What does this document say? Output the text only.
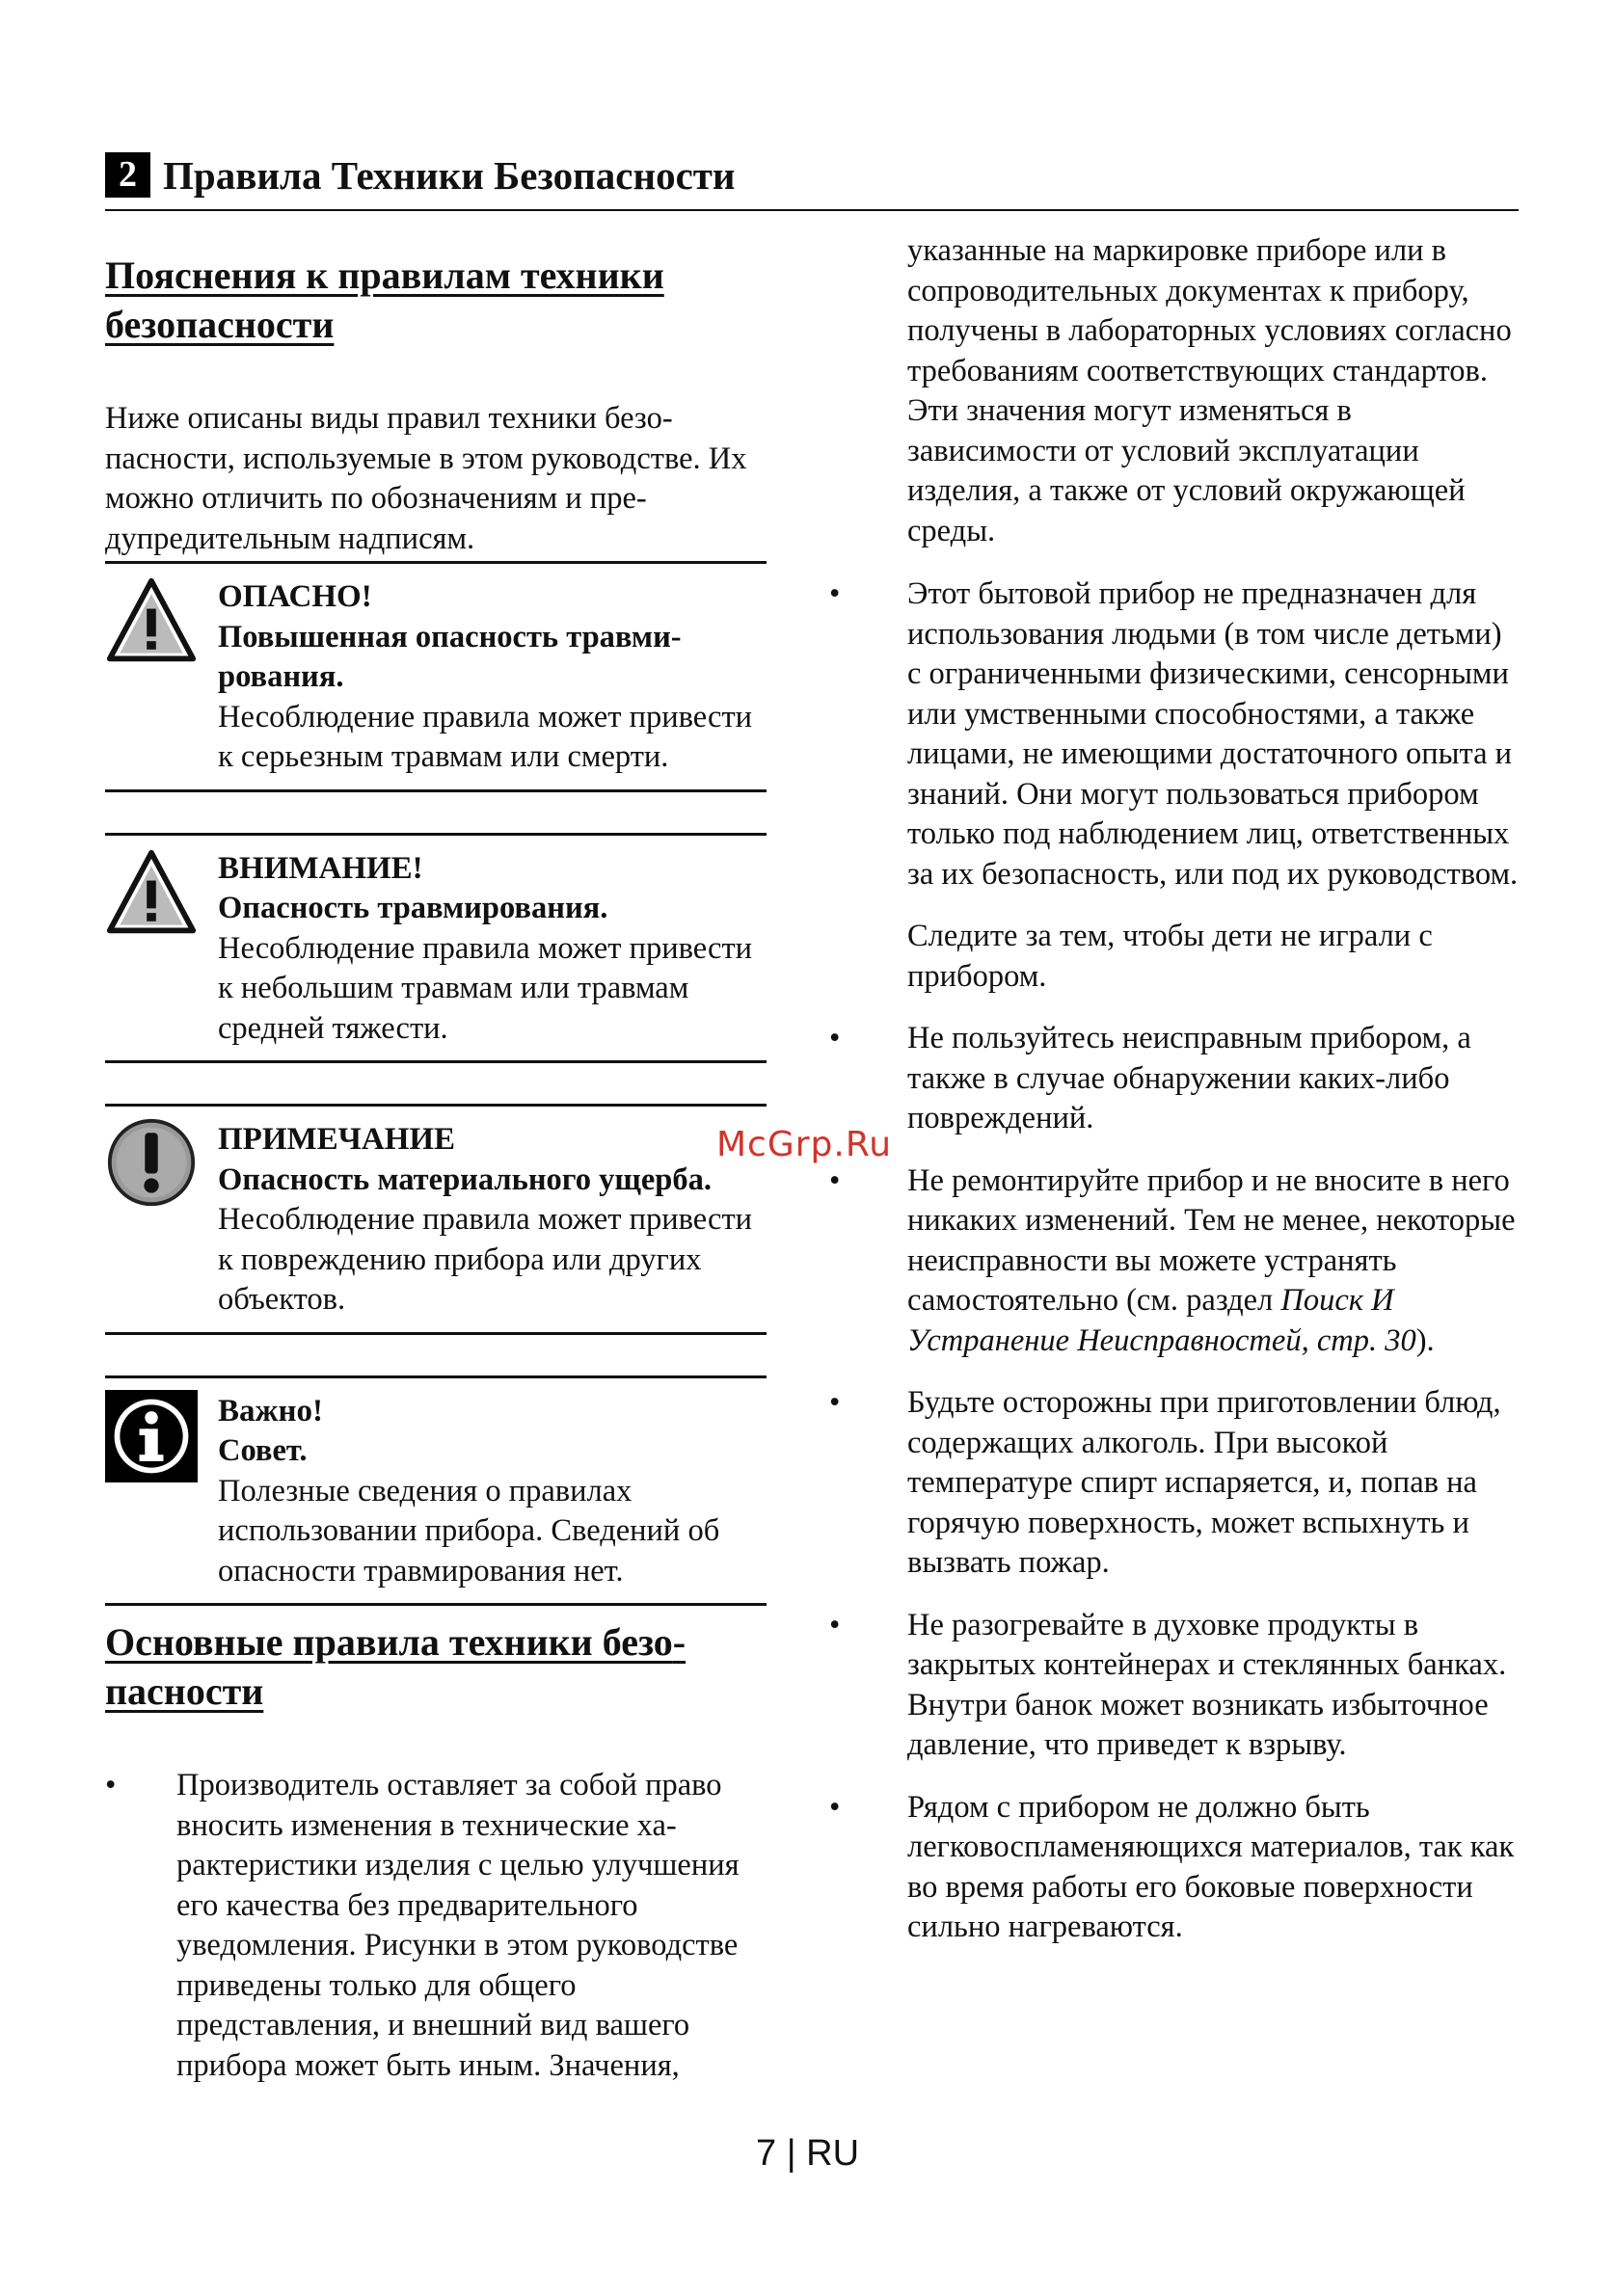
2 Правила Техники Безопасности
Пояснения к правилам техники безопасности

Ниже описаны виды правил техники безопасности, используемые в этом руководстве. Их можно отличить по обозначениям и предупредительным надписям.

ОПАСНО!
Повышенная опасность травмирования.
Несоблюдение правила может привести к серьезным травмам или смерти.
ВНИМАНИЕ!
Опасность травмирования.
Несоблюдение правила может привести к небольшим травмам или травмам средней тяжести.
ПРИМЕЧАНИЕ
Опасность материального ущерба.
Несоблюдение правила может привести к повреждению прибора или других объектов.
Важно!
Совет.
Полезные сведения о правилах использовании прибора. Сведений об опасности травмирования нет.
Основные правила техники безопасности
• Производитель оставляет за собой право вносить изменения в технические характеристики изделия с целью улучшения его качества без предварительного уведомления. Рисунки в этом руководстве приведены только для общего представления, и внешний вид вашего прибора может быть иным. Значения,
указанные на маркировке приборе или в сопроводительных документах к прибору, получены в лабораторных условиях согласно требованиям соответствующих стандартов. Эти значения могут изменяться в зависимости от условий эксплуатации изделия, а также от условий окружающей среды.
• Этот бытовой прибор не предназначен для использования людьми (в том числе детьми) с ограниченными физическими, сенсорными или умственными способностями, а также лицами, не имеющими достаточного опыта и знаний. Они могут пользоваться прибором только под наблюдением лиц, ответственных за их безопасность, или под их руководством.
Следите за тем, чтобы дети не играли с прибором.
• Не пользуйтесь неисправным прибором, а также в случае обнаружении каких-либо повреждений.
• Не ремонтируйте прибор и не вносите в него никаких изменений. Тем не менее, некоторые неисправности вы можете устранять самостоятельно (см. раздел Поиск И Устранение Неисправностей, стр. 30).
• Будьте осторожны при приготовлении блюд, содержащих алкоголь. При высокой температуре спирт испаряется, и, попав на горячую поверхность, может вспыхнуть и вызвать пожар.
• Не разогревайте в духовке продукты в закрытых контейнерах и стеклянных банках. Внутри банок может возникать избыточное давление, что приведет к взрыву.
• Рядом с прибором не должно быть легковоспламеняющихся материалов, так как во время работы его боковые поверхности сильно нагреваются.
McGrp.Ru
7 | RU
